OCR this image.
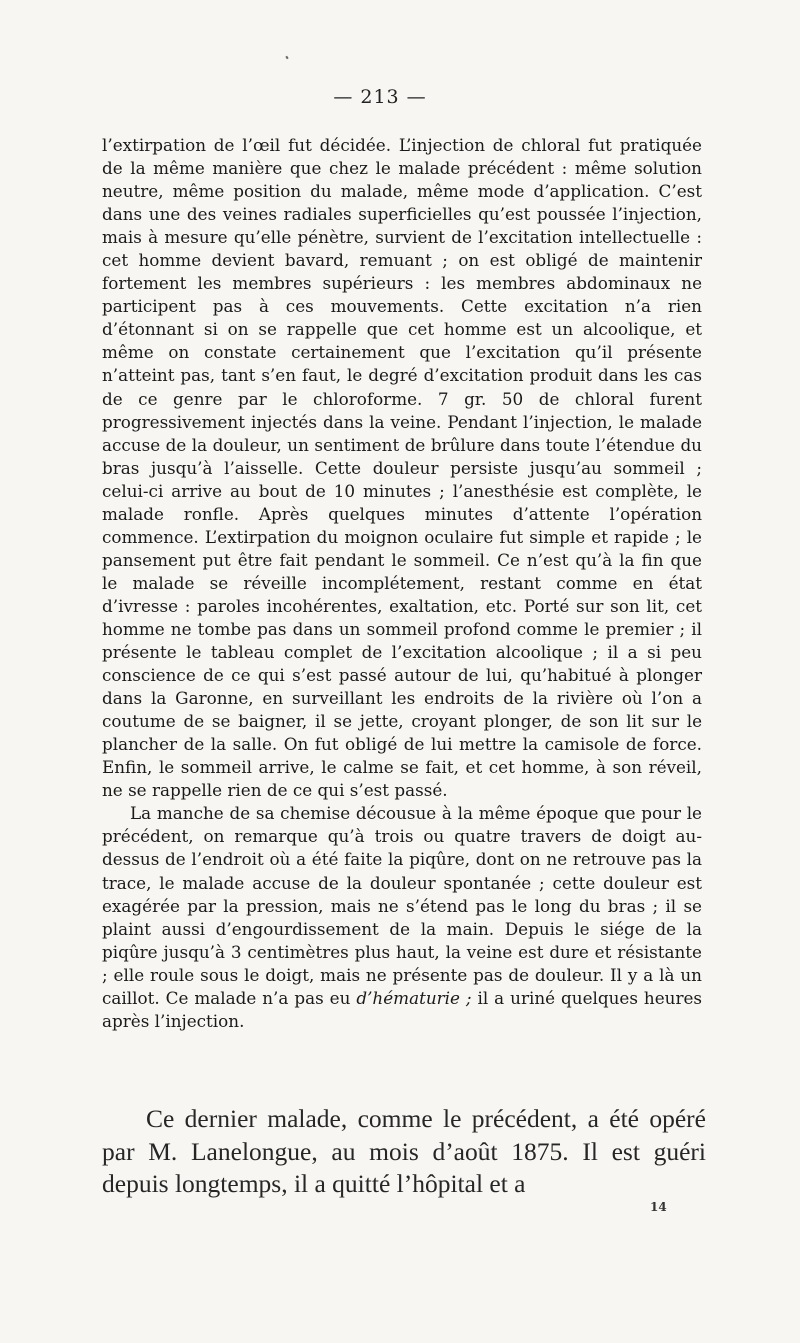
— 213 —

l’extirpation de l’œil fut décidée. L’injection de chloral fut pratiquée de la même manière que chez le malade précédent : même solution neutre, même position du malade, même mode d’application. C’est dans une des veines radiales superficielles qu’est poussée l’injection, mais à mesure qu’elle pénètre, survient de l’excitation intellectuelle : cet homme devient bavard, remuant ; on est obligé de maintenir fortement les membres supérieurs : les membres abdominaux ne participent pas à ces mouvements. Cette excitation n’a rien d’étonnant si on se rappelle que cet homme est un alcoolique, et même on constate certainement que l’excitation qu’il présente n’atteint pas, tant s’en faut, le degré d’excitation produit dans les cas de ce genre par le chloroforme. 7 gr. 50 de chloral furent progressivement injectés dans la veine. Pendant l’injection, le malade accuse de la douleur, un sentiment de brûlure dans toute l’étendue du bras jusqu’à l’aisselle. Cette douleur persiste jusqu’au sommeil ; celui-ci arrive au bout de 10 minutes ; l’anesthésie est complète, le malade ronfle. Après quelques minutes d’attente l’opération commence. L’extirpation du moignon oculaire fut simple et rapide ; le pansement put être fait pendant le sommeil. Ce n’est qu’à la fin que le malade se réveille incomplétement, restant comme en état d’ivresse : paroles incohérentes, exaltation, etc. Porté sur son lit, cet homme ne tombe pas dans un sommeil profond comme le premier ; il présente le tableau complet de l’excitation alcoolique ; il a si peu conscience de ce qui s’est passé autour de lui, qu’habitué à plonger dans la Garonne, en surveillant les endroits de la rivière où l’on a coutume de se baigner, il se jette, croyant plonger, de son lit sur le plancher de la salle. On fut obligé de lui mettre la camisole de force. Enfin, le sommeil arrive, le calme se fait, et cet homme, à son réveil, ne se rappelle rien de ce qui s’est passé.

La manche de sa chemise décousue à la même époque que pour le précédent, on remarque qu’à trois ou quatre travers de doigt au-dessus de l’endroit où a été faite la piqûre, dont on ne retrouve pas la trace, le malade accuse de la douleur spontanée ; cette douleur est exagérée par la pression, mais ne s’étend pas le long du bras ; il se plaint aussi d’engourdissement de la main. Depuis le siége de la piqûre jusqu’à 3 centimètres plus haut, la veine est dure et résistante ; elle roule sous le doigt, mais ne présente pas de douleur. Il y a là un caillot. Ce malade n’a pas eu d’hématurie ; il a uriné quelques heures après l’injection.

Ce dernier malade, comme le précédent, a été opéré par M. Lanelongue, au mois d’août 1875. Il est guéri depuis longtemps, il a quitté l’hôpital et a

14
